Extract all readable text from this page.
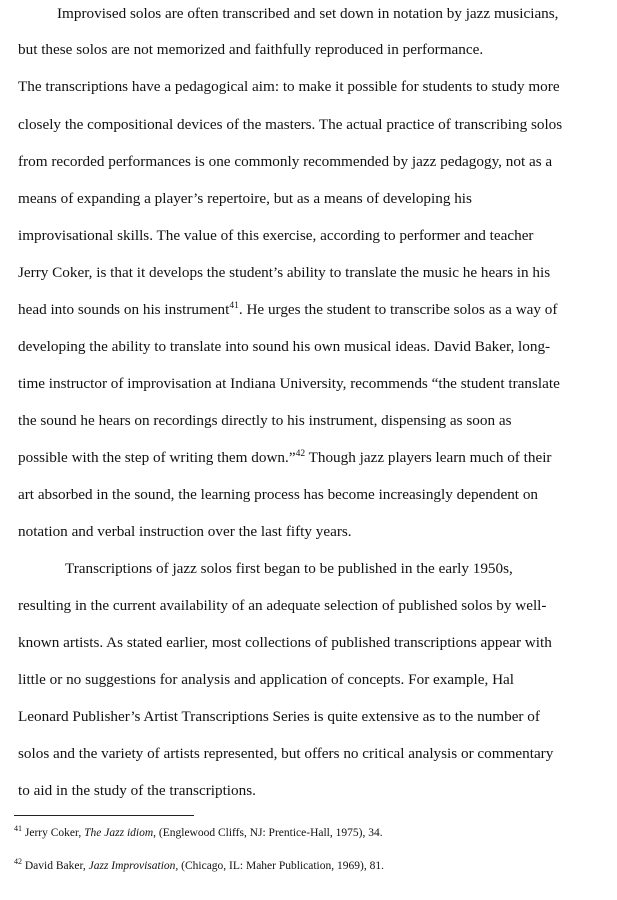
Improvised solos are often transcribed and set down in notation by jazz musicians,
but these solos are not memorized and faithfully reproduced in performance.
The transcriptions have a pedagogical aim: to make it possible for students to study more
closely the compositional devices of the masters. The actual practice of transcribing solos
from recorded performances is one commonly recommended by jazz pedagogy, not as a
means of expanding a player’s repertoire, but as a means of developing his
improvisational skills. The value of this exercise, according to performer and teacher
Jerry Coker, is that it develops the student’s ability to translate the music he hears in his
head into sounds on his instrument$^{41}$. He urges the student to transcribe solos as a way of
developing the ability to translate into sound his own musical ideas. David Baker, long-
time instructor of improvisation at Indiana University, recommends “the student translate
the sound he hears on recordings directly to his instrument, dispensing as soon as
possible with the step of writing them down.”$^{42}$ Though jazz players learn much of their
art absorbed in the sound, the learning process has become increasingly dependent on
notation and verbal instruction over the last fifty years.
Transcriptions of jazz solos first began to be published in the early 1950s,
resulting in the current availability of an adequate selection of published solos by well-
known artists. As stated earlier, most collections of published transcriptions appear with
little or no suggestions for analysis and application of concepts. For example, Hal
Leonard Publisher’s Artist Transcriptions Series is quite extensive as to the number of
solos and the variety of artists represented, but offers no critical analysis or commentary
to aid in the study of the transcriptions.
$^{41}$ Jerry Coker, The Jazz idiom, (Englewood Cliffs, NJ: Prentice-Hall, 1975), 34.
$^{42}$ David Baker, Jazz Improvisation, (Chicago, IL: Maher Publication, 1969), 81.
